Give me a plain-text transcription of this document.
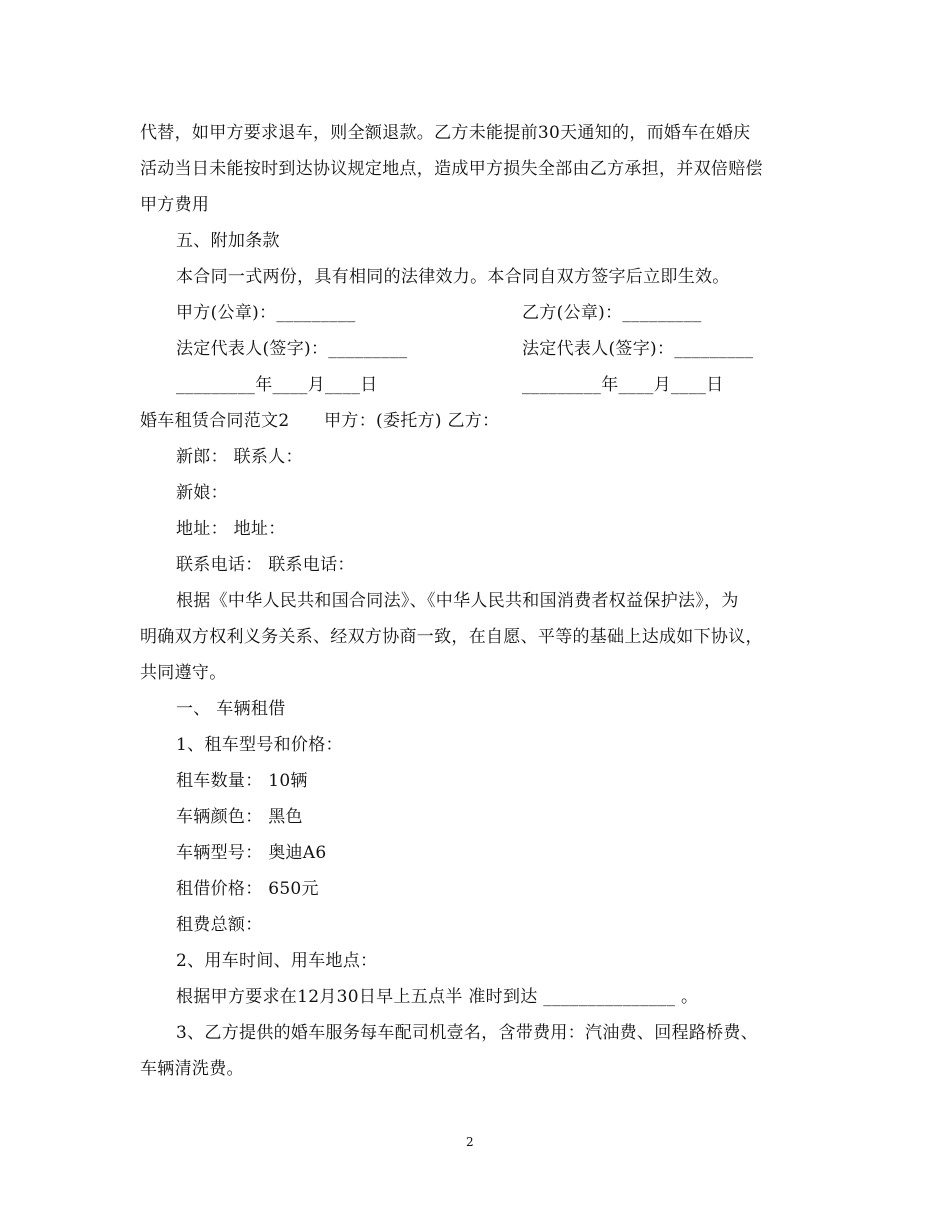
代替，如甲方要求退车，则全额退款。乙方未能提前30天通知的，而婚车在婚庆
活动当日未能按时到达协议规定地点，造成甲方损失全部由乙方承担，并双倍赔偿
甲方费用
五、附加条款
本合同一式两份，具有相同的法律效力。本合同自双方签字后立即生效。
甲方(公章)：_________	乙方(公章)：_________
法定代表人(签字)：_________	法定代表人(签字)：_________
_________年____月____日	_________年____月____日
婚车租赁合同范文2　　甲方：(委托方) 乙方：
新郎： 联系人：
新娘：
地址： 地址：
联系电话： 联系电话：
根据《中华人民共和国合同法》、《中华人民共和国消费者权益保护法》，为
明确双方权利义务关系、经双方协商一致，在自愿、平等的基础上达成如下协议，
共同遵守。
一、 车辆租借
1、租车型号和价格：
租车数量： 10辆
车辆颜色： 黑色
车辆型号： 奥迪A6
租借价格： 650元
租费总额：
2、用车时间、用车地点：
根据甲方要求在12月30日早上五点半 准时到达 _______________ 。
3、乙方提供的婚车服务每车配司机壹名，含带费用：汽油费、回程路桥费、
车辆清洗费。
2
